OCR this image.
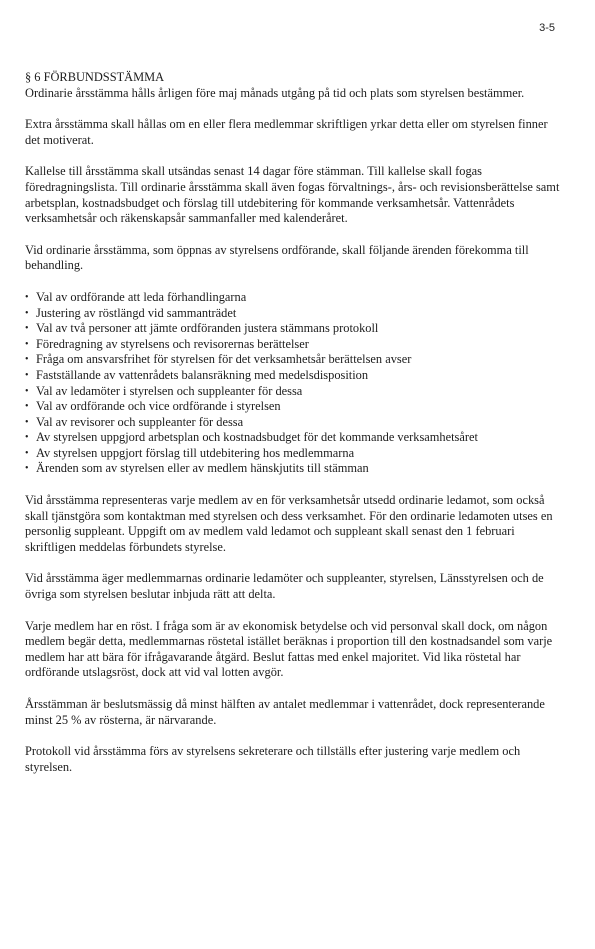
3-5

§ 6 FÖRBUNDSSTÄMMA

Ordinarie årsstämma hålls årligen före maj månads utgång på tid och plats som styrelsen bestämmer.

Extra årsstämma skall hållas om en eller flera medlemmar skriftligen yrkar detta eller om styrelsen finner det motiverat.

Kallelse till årsstämma skall utsändas senast 14 dagar före stämman. Till kallelse skall fogas föredragningslista. Till ordinarie årsstämma skall även fogas förvaltnings-, års- och revisionsberättelse samt arbetsplan, kostnadsbudget och förslag till utdebitering för kommande verksamhetsår. Vattenrådets verksamhetsår och räkenskapsår sammanfaller med kalenderåret.

Vid ordinarie årsstämma, som öppnas av styrelsens ordförande, skall följande ärenden förekomma till behandling.

• Val av ordförande att leda förhandlingarna
• Justering av röstlängd vid sammanträdet
• Val av två personer att jämte ordföranden justera stämmans protokoll
• Föredragning av styrelsens och revisorernas berättelser
• Fråga om ansvarsfrihet för styrelsen för det verksamhetsår berättelsen avser
• Fastställande av vattenrådets balansräkning med medelsdisposition
• Val av ledamöter i styrelsen och suppleanter för dessa
• Val av ordförande och vice ordförande i styrelsen
• Val av revisorer och suppleanter för dessa
• Av styrelsen uppgjord arbetsplan och kostnadsbudget för det kommande verksamhetsåret
• Av styrelsen uppgjort förslag till utdebitering hos medlemmarna
• Ärenden som av styrelsen eller av medlem hänskjutits till stämman

Vid årsstämma representeras varje medlem av en för verksamhetsår utsedd ordinarie ledamot, som också skall tjänstgöra som kontaktman med styrelsen och dess verksamhet. För den ordinarie ledamoten utses en personlig suppleant. Uppgift om av medlem vald ledamot och suppleant skall senast den 1 februari skriftligen meddelas förbundets styrelse.

Vid årsstämma äger medlemmarnas ordinarie ledamöter och suppleanter, styrelsen, Länsstyrelsen och de övriga som styrelsen beslutar inbjuda rätt att delta.

Varje medlem har en röst. I fråga som är av ekonomisk betydelse och vid personval skall dock, om någon medlem begär detta, medlemmarnas röstetal istället beräknas i proportion till den kostnadsandel som varje medlem har att bära för ifrågavarande åtgärd. Beslut fattas med enkel majoritet. Vid lika röstetal har ordförande utslagsröst, dock att vid val lotten avgör.

Årsstämman är beslutsmässig då minst hälften av antalet medlemmar i vattenrådet, dock representerande minst 25 % av rösterna, är närvarande.

Protokoll vid årsstämma förs av styrelsens sekreterare och tillställs efter justering varje medlem och styrelsen.
